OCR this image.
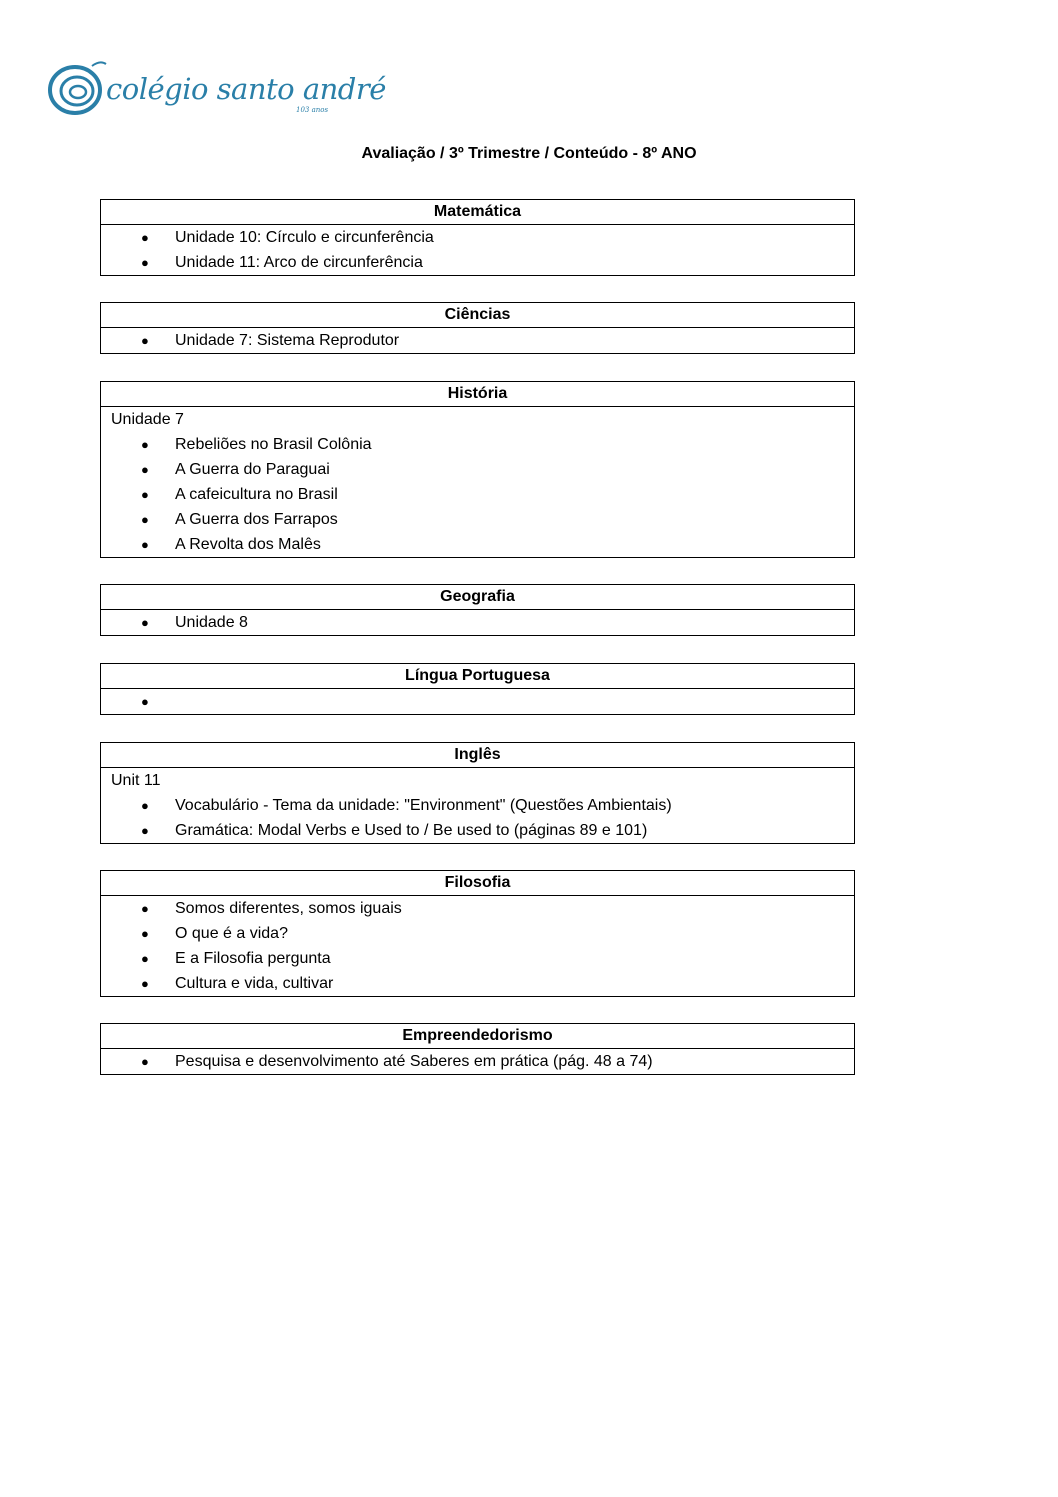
colégio santo andré
103 anos
Avaliação / 3º Trimestre / Conteúdo - 8º ANO
Matemática
● Unidade 10: Círculo e circunferência
● Unidade 11: Arco de circunferência
Ciências
● Unidade 7: Sistema Reprodutor
História
Unidade 7
● Rebeliões no Brasil Colônia
● A Guerra do Paraguai
● A cafeicultura no Brasil
● A Guerra dos Farrapos
● A Revolta dos Malês
Geografia
● Unidade 8
Língua Portuguesa
●
Inglês
Unit 11
● Vocabulário - Tema da unidade: "Environment" (Questões Ambientais)
● Gramática: Modal Verbs e Used to / Be used to (páginas 89 e 101)
Filosofia
● Somos diferentes, somos iguais
● O que é a vida?
● E a Filosofia pergunta
● Cultura e vida, cultivar
Empreendedorismo
● Pesquisa e desenvolvimento até Saberes em prática (pág. 48 a 74)
